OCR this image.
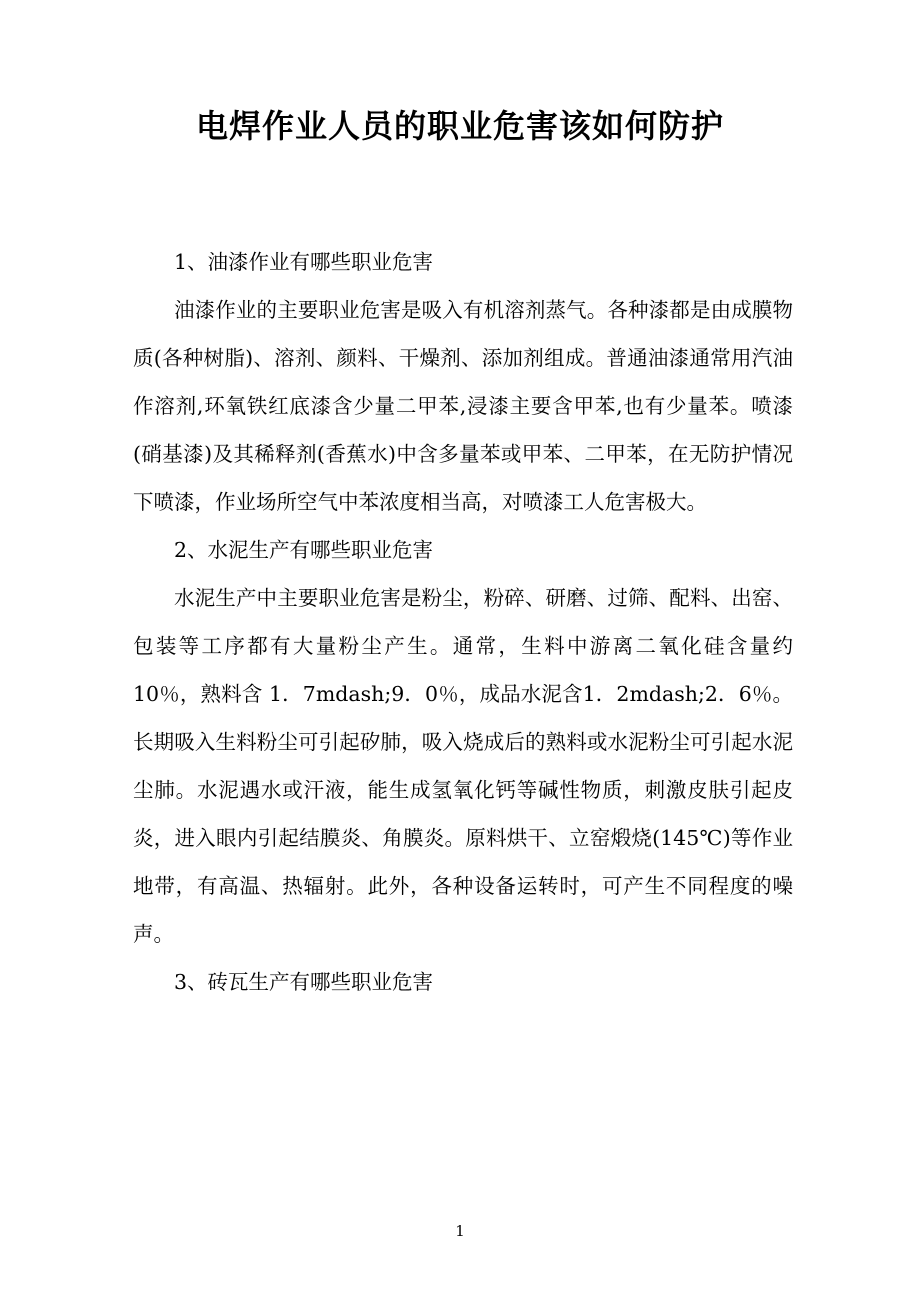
电焊作业人员的职业危害该如何防护

1、油漆作业有哪些职业危害

油漆作业的主要职业危害是吸入有机溶剂蒸气。各种漆都是由成膜物质(各种树脂)、溶剂、颜料、干燥剂、添加剂组成。普通油漆通常用汽油作溶剂,环氧铁红底漆含少量二甲苯,浸漆主要含甲苯,也有少量苯。喷漆(硝基漆)及其稀释剂(香蕉水)中含多量苯或甲苯、二甲苯，在无防护情况下喷漆，作业场所空气中苯浓度相当高，对喷漆工人危害极大。

2、水泥生产有哪些职业危害

水泥生产中主要职业危害是粉尘，粉碎、研磨、过筛、配料、出窑、包装等工序都有大量粉尘产生。通常，生料中游离二氧化硅含量约 10％，熟料含 1．7mdash;9．0％，成品水泥含1．2mdash;2．6％。长期吸入生料粉尘可引起矽肺，吸入烧成后的熟料或水泥粉尘可引起水泥尘肺。水泥遇水或汗液，能生成氢氧化钙等碱性物质，刺激皮肤引起皮炎，进入眼内引起结膜炎、角膜炎。原料烘干、立窑煅烧(145℃)等作业地带，有高温、热辐射。此外，各种设备运转时，可产生不同程度的噪声。

3、砖瓦生产有哪些职业危害

1
